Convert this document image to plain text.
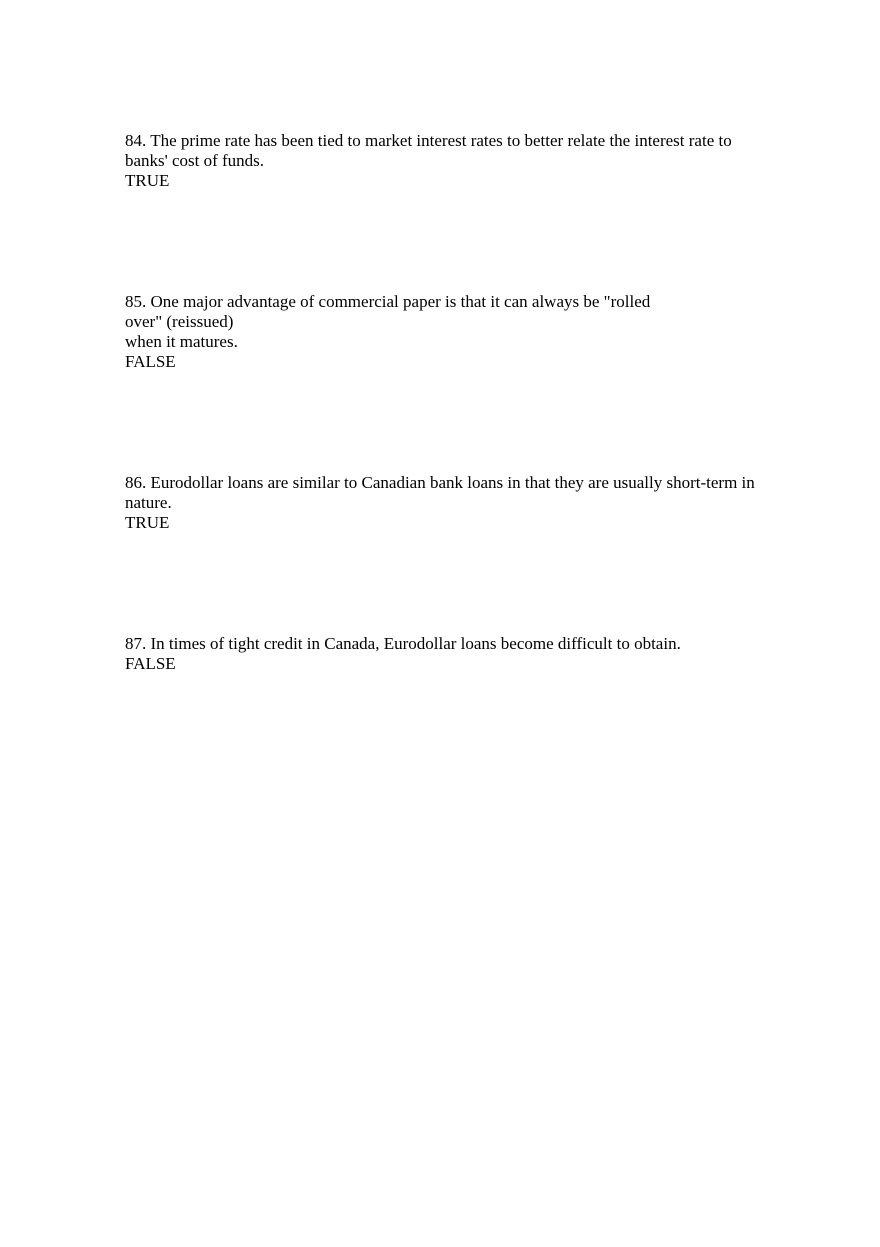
84. The prime rate has been tied to market interest rates to better relate the interest rate to
banks' cost of funds.
TRUE
85. One major advantage of commercial paper is that it can always be "rolled
over" (reissued)
when it matures.
FALSE
86. Eurodollar loans are similar to Canadian bank loans in that they are usually short-term in
nature.
TRUE
87. In times of tight credit in Canada, Eurodollar loans become difficult to obtain.
FALSE
